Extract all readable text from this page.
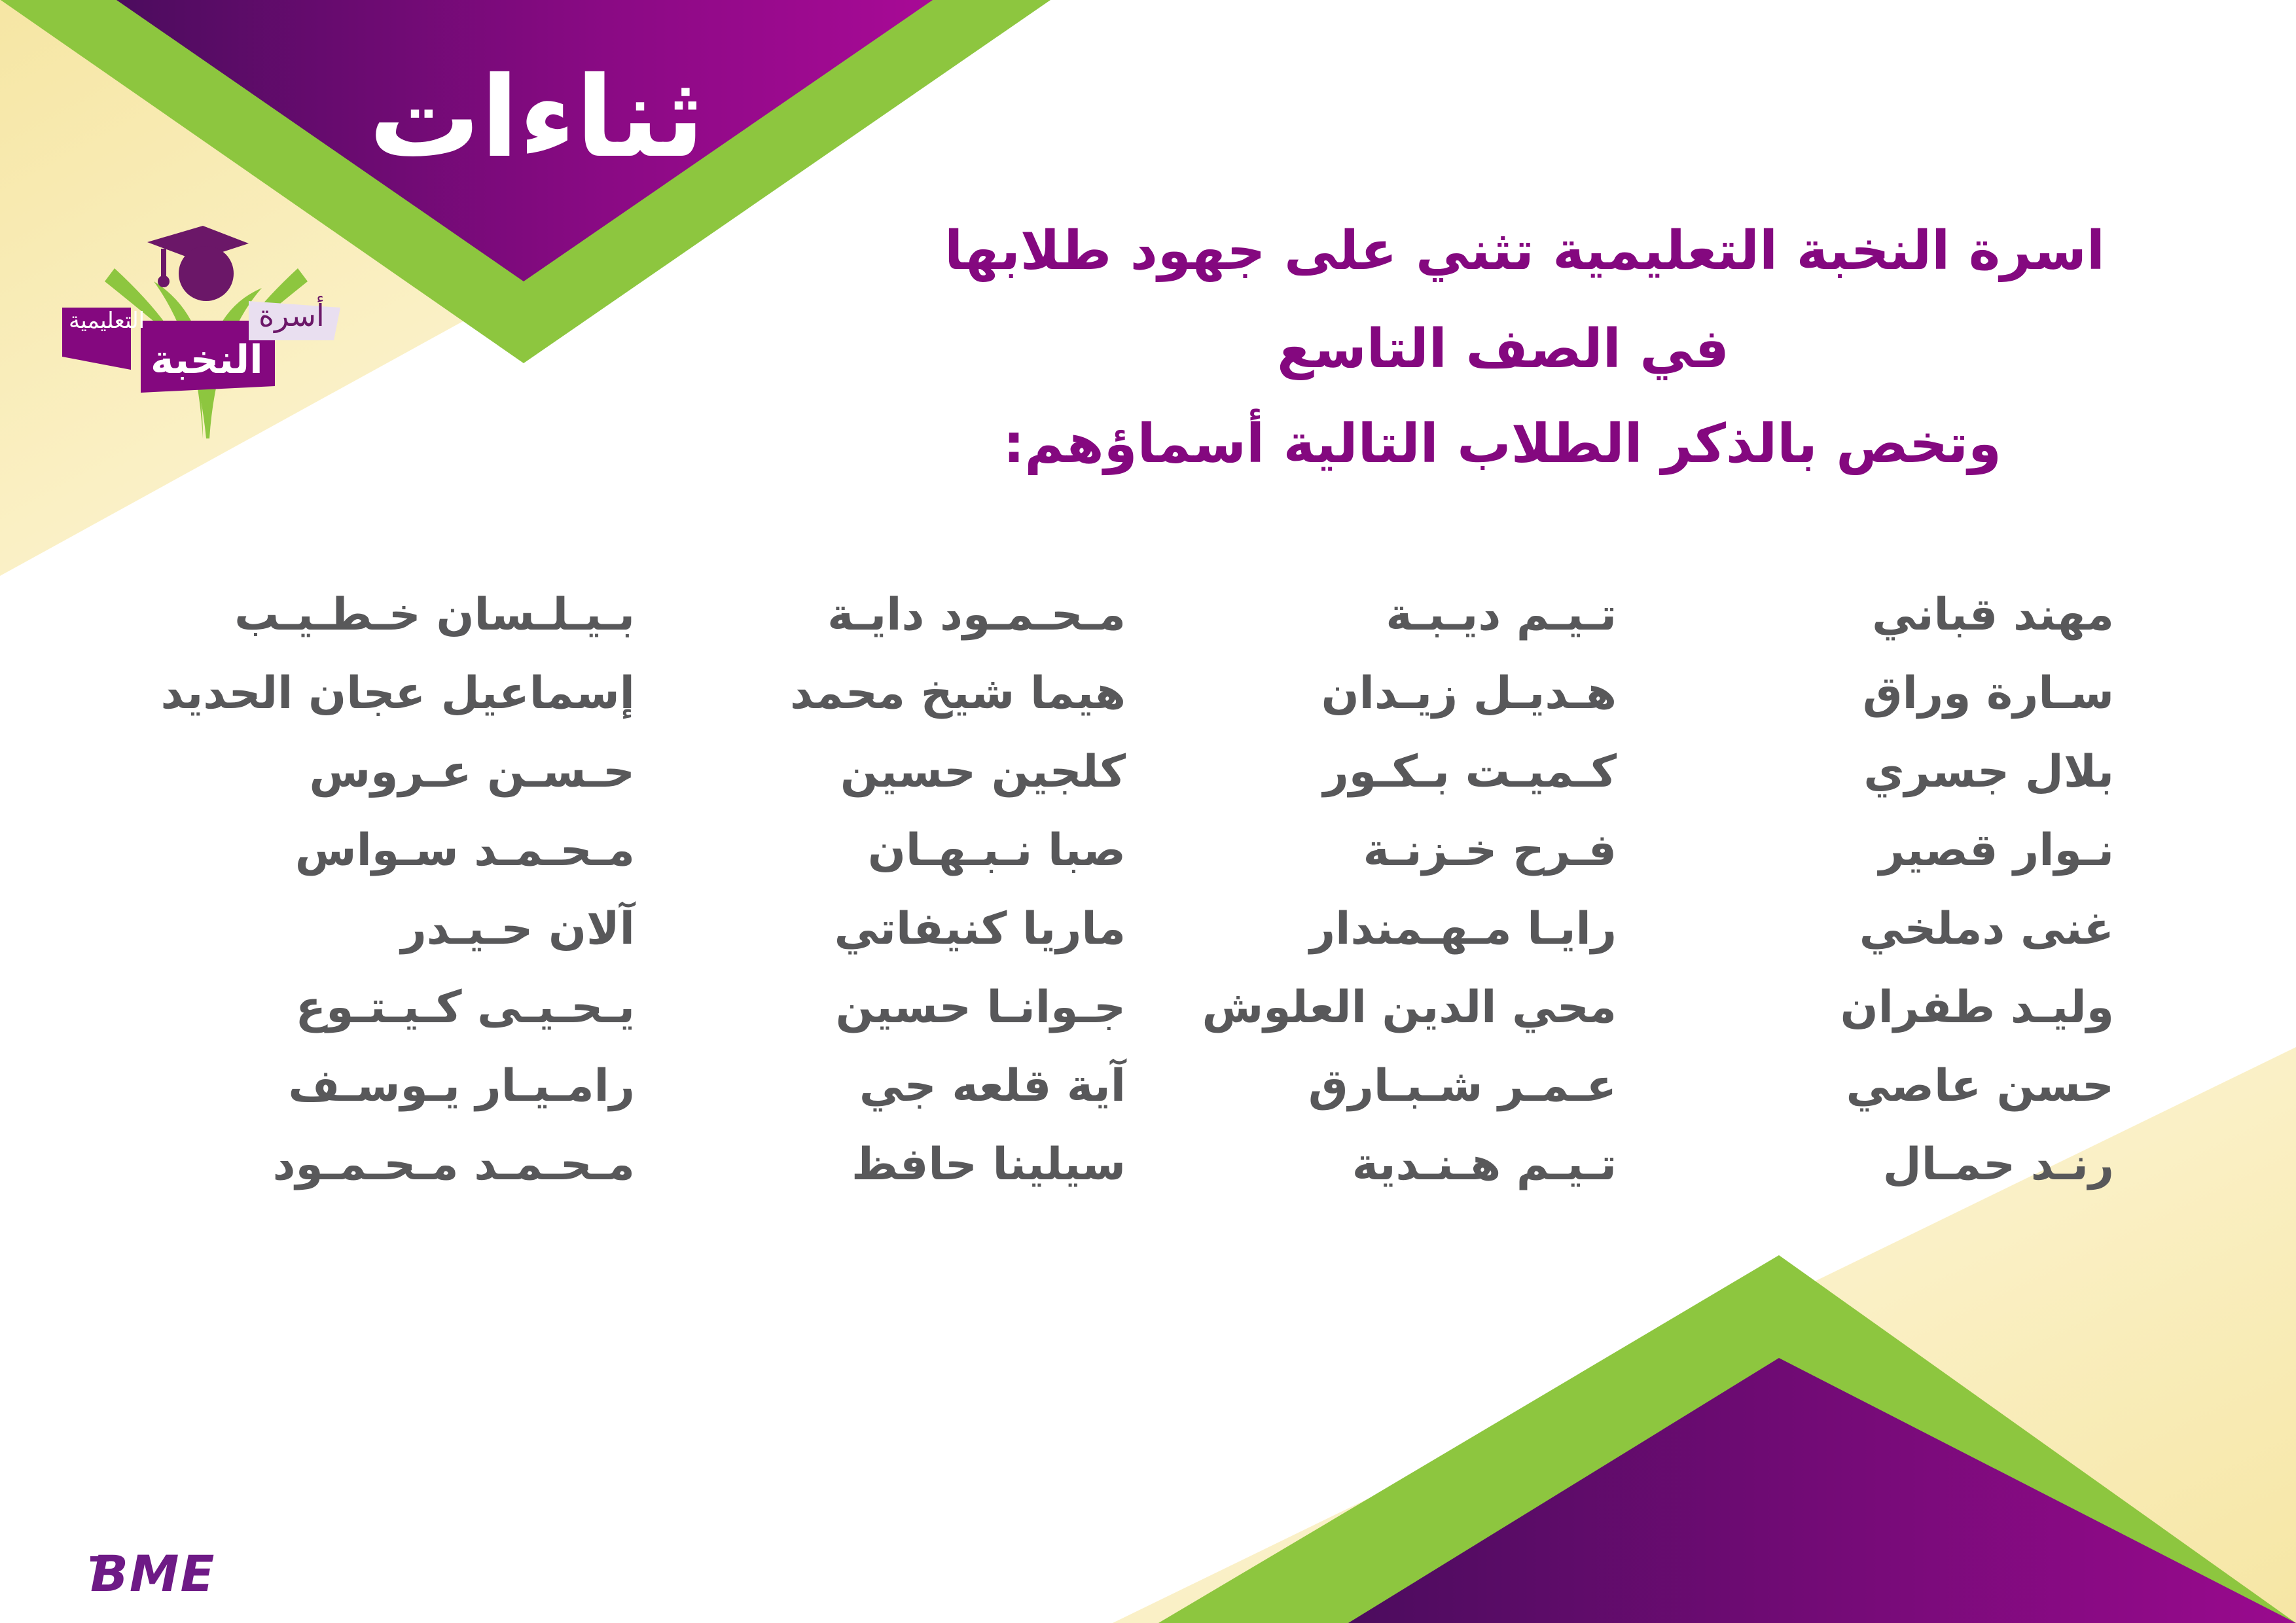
ثناءات
أسرة
التعليمية
النخبة
اسرة النخبة التعليمية تثني على جهود طلابها
في الصف التاسع
وتخص بالذكر الطلاب التالية أسماؤهم:
مهند قباني
سـارة وراق
بلال جسري
نـوار قصير
غنى دملخي
وليـد طفران
حسن عاصي
رنـد حمـال
تـيـم ديـبـة
هـديـل زيـدان
كـميـت بـكـور
فـرح خـزنـة
رايـا مـهـمندار
محي الدين العلوش
عـمـر شـبـارق
تـيـم هـنـدية
مـحـمـود دايـة
هيما شيخ محمد
كلجين حسين
صبا نـبـهـان
ماريا كنيفاتي
جـوانـا حسين
آية قلعه جي
سيلينا حافظ
بـيـلـسان خـطـيـب
إسماعيل عجان الحديد
حـسـن عـروس
مـحـمـد سـواس
آلان حـيـدر
يـحـيـى كـيـتـوع
رامـيـار يـوسـف
مـحـمـد مـحـمـود
BME
